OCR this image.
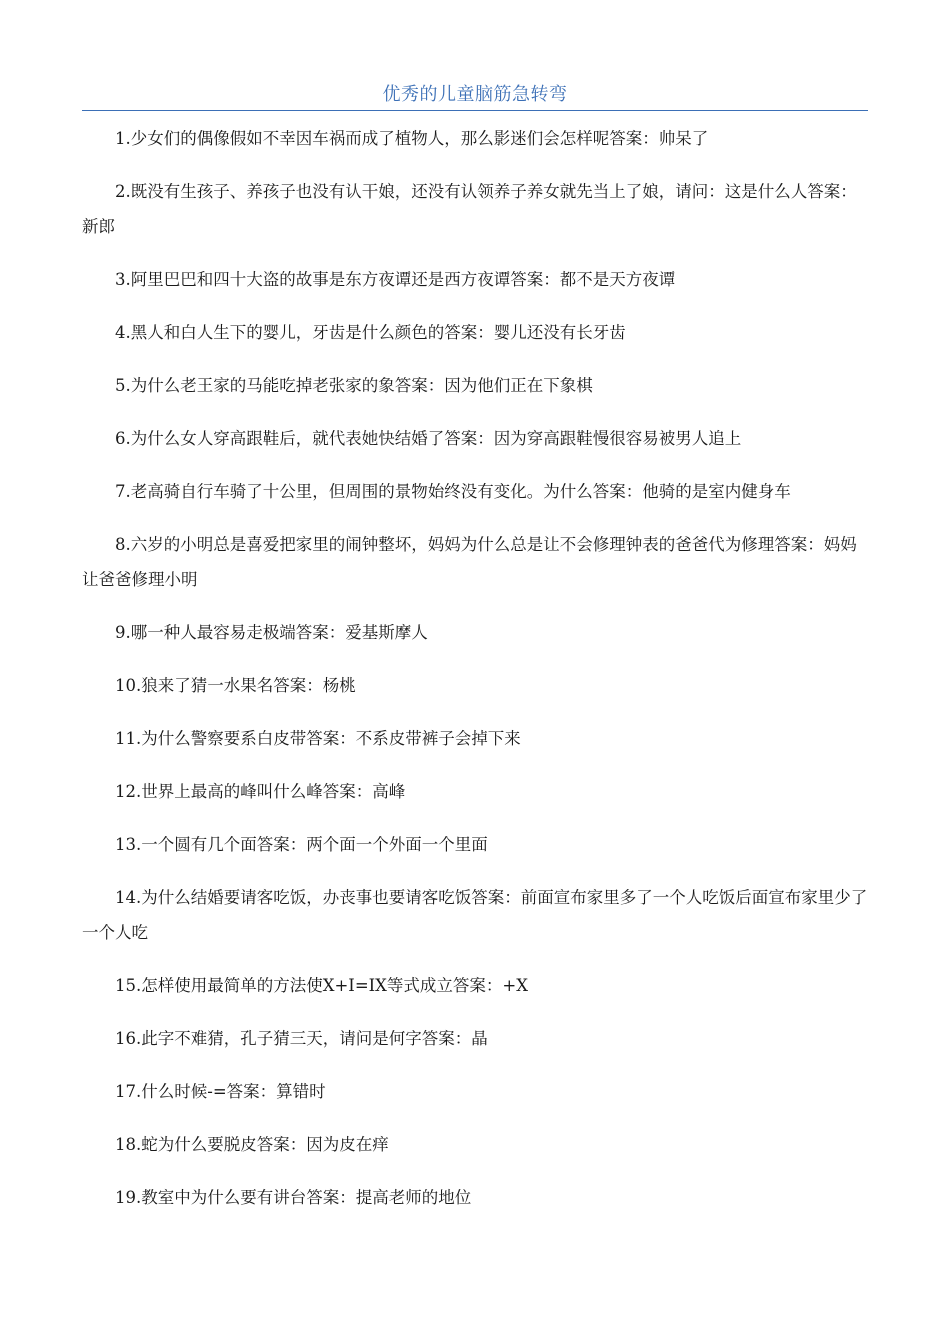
优秀的儿童脑筋急转弯

1.少女们的偶像假如不幸因车祸而成了植物人，那么影迷们会怎样呢答案：帅呆了

2.既没有生孩子、养孩子也没有认干娘，还没有认领养子养女就先当上了娘，请问：这是什么人答案：新郎

3.阿里巴巴和四十大盗的故事是东方夜谭还是西方夜谭答案：都不是天方夜谭

4.黑人和白人生下的婴儿，牙齿是什么颜色的答案：婴儿还没有长牙齿

5.为什么老王家的马能吃掉老张家的象答案：因为他们正在下象棋

6.为什么女人穿高跟鞋后，就代表她快结婚了答案：因为穿高跟鞋慢很容易被男人追上

7.老高骑自行车骑了十公里，但周围的景物始终没有变化。为什么答案：他骑的是室内健身车

8.六岁的小明总是喜爱把家里的闹钟整坏，妈妈为什么总是让不会修理钟表的爸爸代为修理答案：妈妈让爸爸修理小明

9.哪一种人最容易走极端答案：爱基斯摩人

10.狼来了猜一水果名答案：杨桃

11.为什么警察要系白皮带答案：不系皮带裤子会掉下来

12.世界上最高的峰叫什么峰答案：高峰

13.一个圆有几个面答案：两个面一个外面一个里面

14.为什么结婚要请客吃饭，办丧事也要请客吃饭答案：前面宣布家里多了一个人吃饭后面宣布家里少了一个人吃

15.怎样使用最简单的方法使X+I=IX等式成立答案：+X

16.此字不难猜，孔子猜三天，请问是何字答案：晶

17.什么时候-=答案：算错时

18.蛇为什么要脱皮答案：因为皮在痒

19.教室中为什么要有讲台答案：提高老师的地位
